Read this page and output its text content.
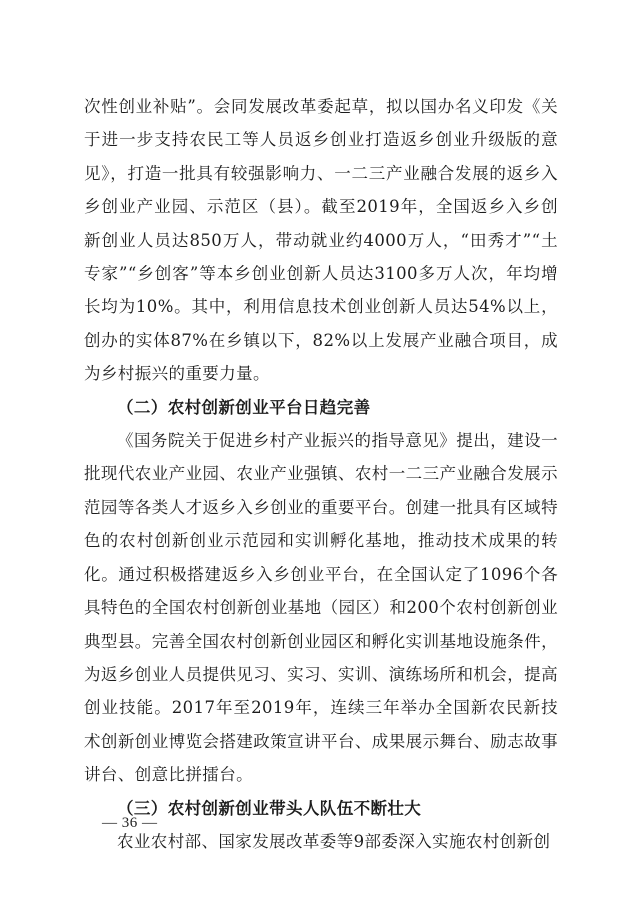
次性创业补贴”。会同发展改革委起草，拟以国办名义印发《关于进一步支持农民工等人员返乡创业打造返乡创业升级版的意见》，打造一批具有较强影响力、一二三产业融合发展的返乡入乡创业产业园、示范区（县）。截至2019年，全国返乡入乡创新创业人员达850万人，带动就业约4000万人，“田秀才”“土专家”“乡创客”等本乡创业创新人员达3100多万人次，年均增长均为10%。其中，利用信息技术创业创新人员达54%以上，创办的实体87%在乡镇以下，82%以上发展产业融合项目，成为乡村振兴的重要力量。

（二）农村创新创业平台日趋完善

《国务院关于促进乡村产业振兴的指导意见》提出，建设一批现代农业产业园、农业产业强镇、农村一二三产业融合发展示范园等各类人才返乡入乡创业的重要平台。创建一批具有区域特色的农村创新创业示范园和实训孵化基地，推动技术成果的转化。通过积极搭建返乡入乡创业平台，在全国认定了1096个各具特色的全国农村创新创业基地（园区）和200个农村创新创业典型县。完善全国农村创新创业园区和孵化实训基地设施条件，为返乡创业人员提供见习、实习、实训、演练场所和机会，提高创业技能。2017年至2019年，连续三年举办全国新农民新技术创新创业博览会搭建政策宣讲平台、成果展示舞台、励志故事讲台、创意比拼擂台。

（三）农村创新创业带头人队伍不断壮大

农业农村部、国家发展改革委等9部委深入实施农村创新创

— 36 —
